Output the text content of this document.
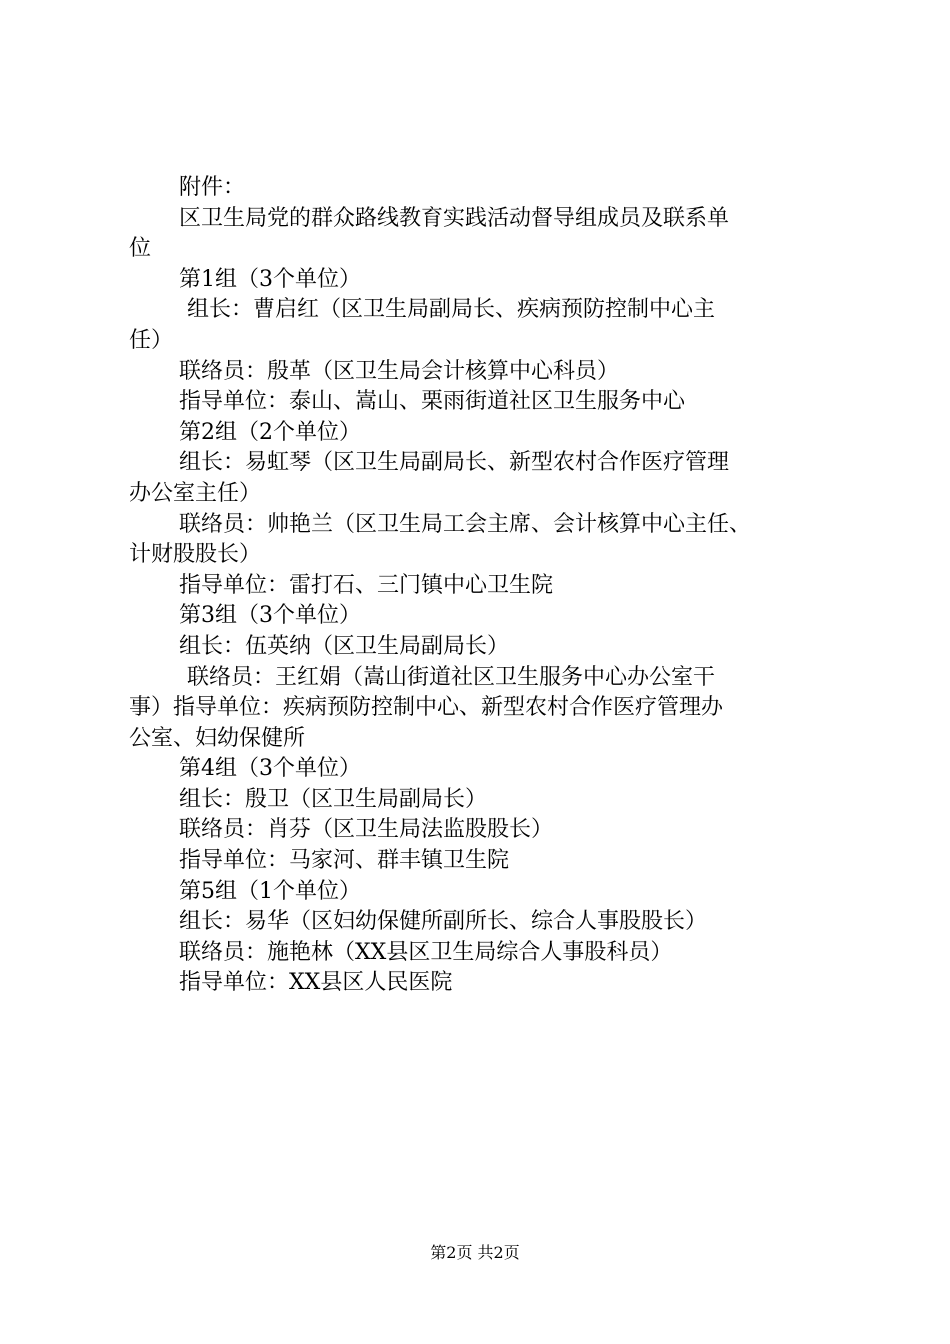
附件：
区卫生局党的群众路线教育实践活动督导组成员及联系单
位
第1组（3个单位）
组长：曹启红（区卫生局副局长、疾病预防控制中心主
任）
联络员：殷革（区卫生局会计核算中心科员）
指导单位：泰山、嵩山、栗雨街道社区卫生服务中心
第2组（2个单位）
组长：易虹琴（区卫生局副局长、新型农村合作医疗管理
办公室主任）
联络员：帅艳兰（区卫生局工会主席、会计核算中心主任、
计财股股长）
指导单位：雷打石、三门镇中心卫生院
第3组（3个单位）
组长：伍英纳（区卫生局副局长）
联络员：王红娟（嵩山街道社区卫生服务中心办公室干
事）指导单位：疾病预防控制中心、新型农村合作医疗管理办
公室、妇幼保健所
第4组（3个单位）
组长：殷卫（区卫生局副局长）
联络员：肖芬（区卫生局法监股股长）
指导单位：马家河、群丰镇卫生院
第5组（1个单位）
组长：易华（区妇幼保健所副所长、综合人事股股长）
联络员：施艳林（XX县区卫生局综合人事股科员）
指导单位：XX县区人民医院
第2页 共2页
